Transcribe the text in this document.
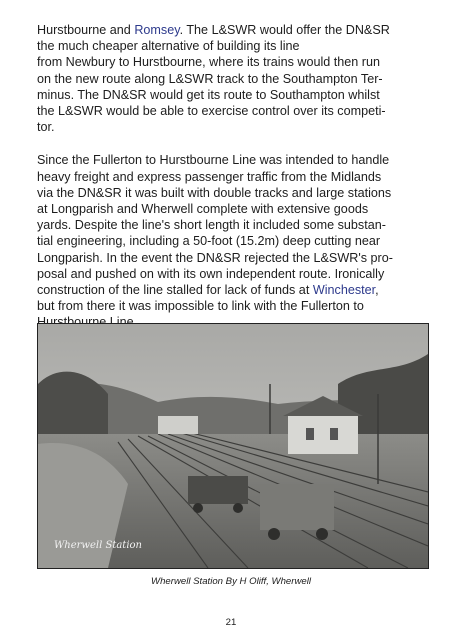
Hurstbourne and Romsey. The L&SWR would offer the DN&SR
the much cheaper alternative of building its line
from Newbury to Hurstbourne, where its trains would then run
on the new route along L&SWR track to the Southampton Ter-
minus. The DN&SR would get its route to Southampton whilst
the L&SWR would be able to exercise control over its competi-
tor.

Since the Fullerton to Hurstbourne Line was intended to handle
heavy freight and express passenger traffic from the Midlands
via the DN&SR it was built with double tracks and large stations
at Longparish and Wherwell complete with extensive goods
yards. Despite the line's short length it included some substan-
tial engineering, including a 50-foot (15.2m) deep cutting near
Longparish. In the event the DN&SR rejected the L&SWR's pro-
posal and pushed on with its own independent route. Ironically
construction of the line stalled for lack of funds at Winchester,
but from there it was impossible to link with the Fullerton to

Wherwell Station
Wherwell Station By H Oliff, Wherwell
21
